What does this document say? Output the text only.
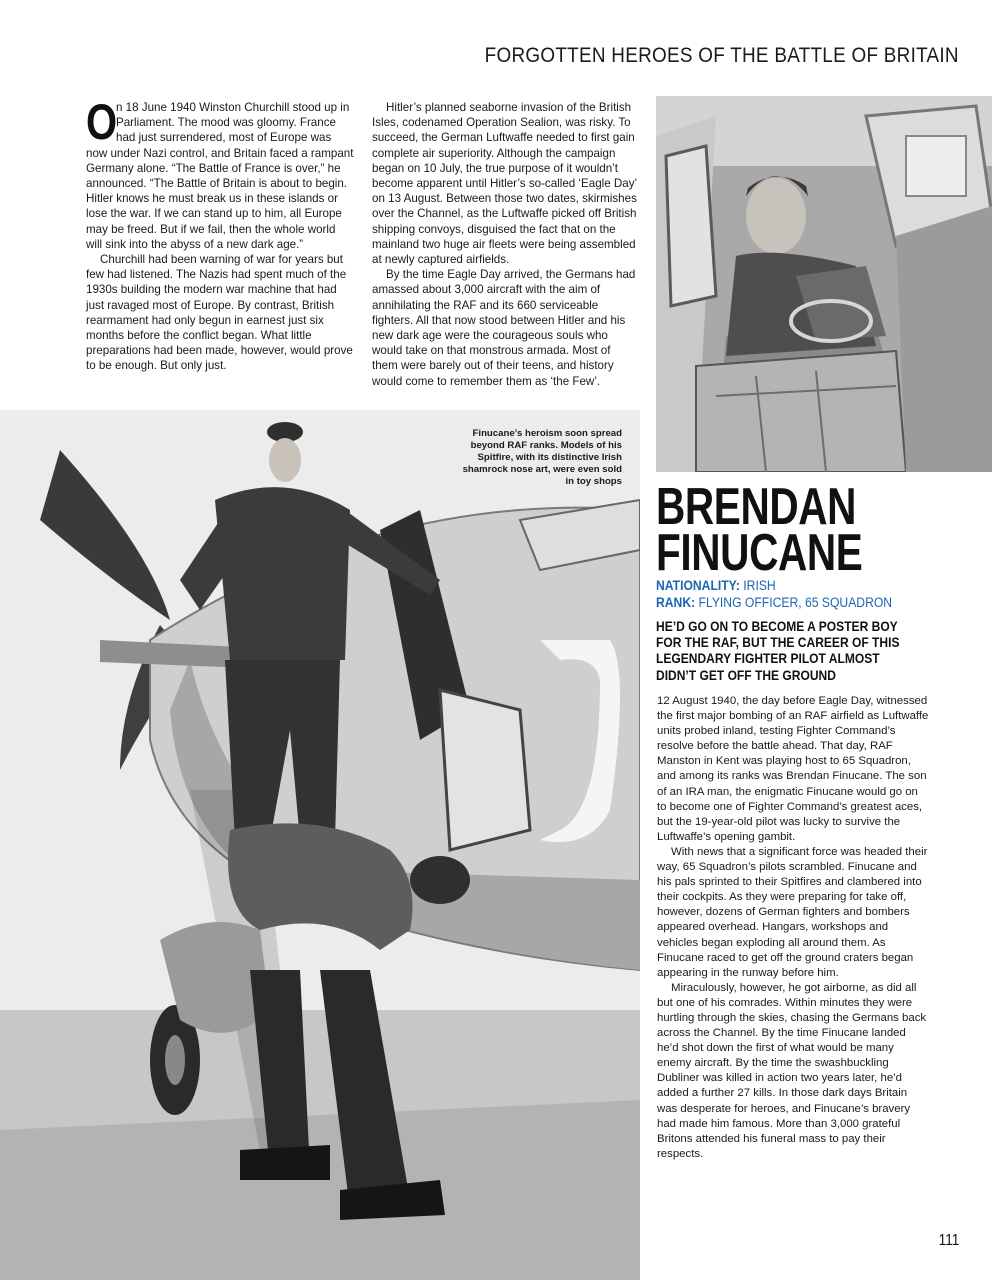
FORGOTTEN HEROES OF THE BATTLE OF BRITAIN
O

n 18 June 1940 Winston Churchill stood up in Parliament. The mood was gloomy. France had just surrendered, most of Europe was now under Nazi control, and Britain faced a rampant Germany alone. “The Battle of France is over,” he announced. “The Battle of Britain is about to begin. Hitler knows he must break us in these islands or lose the war. If we can stand up to him, all Europe may be freed. But if we fail, then the whole world will sink into the abyss of a new dark age.”

Churchill had been warning of war for years but few had listened. The Nazis had spent much of the 1930s building the modern war machine that had just ravaged most of Europe. By contrast, British rearmament had only begun in earnest just six months before the conflict began. What little preparations had been made, however, would prove to be enough. But only just.

Hitler’s planned seaborne invasion of the British Isles, codenamed Operation Sealion, was risky. To succeed, the German Luftwaffe needed to first gain complete air superiority. Although the campaign began on 10 July, the true purpose of it wouldn’t become apparent until Hitler’s so-called ‘Eagle Day’ on 13 August. Between those two dates, skirmishes over the Channel, as the Luftwaffe picked off British shipping convoys, disguised the fact that on the mainland two huge air fleets were being assembled at newly captured airfields.

By the time Eagle Day arrived, the Germans had amassed about 3,000 aircraft with the aim of annihilating the RAF and its 660 serviceable fighters. All that now stood between Hitler and his new dark age were the courageous souls who would take on that monstrous armada. Most of them were barely out of their teens, and history would come to remember them as ‘the Few’.

Finucane’s heroism soon spread beyond RAF ranks. Models of his Spitfire, with its distinctive Irish shamrock nose art, were even sold in toy shops BRENDAN
FINUCANE
NATIONALITY: IRISH
RANK: FLYING OFFICER, 65 SQUADRON
HE’D GO ON TO BECOME A POSTER BOY FOR THE RAF, BUT THE CAREER OF THIS LEGENDARY FIGHTER PILOT ALMOST DIDN’T GET OFF THE GROUND

12 August 1940, the day before Eagle Day, witnessed the first major bombing of an RAF airfield as Luftwaffe units probed inland, testing Fighter Command’s resolve before the battle ahead. That day, RAF Manston in Kent was playing host to 65 Squadron, and among its ranks was Brendan Finucane. The son of an IRA man, the enigmatic Finucane would go on to become one of Fighter Command’s greatest aces, but the 19-year-old pilot was lucky to survive the Luftwaffe’s opening gambit.

With news that a significant force was headed their way, 65 Squadron’s pilots scrambled. Finucane and his pals sprinted to their Spitfires and clambered into their cockpits. As they were preparing for take off, however, dozens of German fighters and bombers appeared overhead. Hangars, workshops and vehicles began exploding all around them. As Finucane raced to get off the ground craters began appearing in the runway before him.

Miraculously, however, he got airborne, as did all but one of his comrades. Within minutes they were hurtling through the skies, chasing the Germans back across the Channel. By the time Finucane landed he’d shot down the first of what would be many enemy aircraft. By the time the swashbuckling Dubliner was killed in action two years later, he’d added a further 27 kills. In those dark days Britain was desperate for heroes, and Finucane’s bravery had made him famous. More than 3,000 grateful Britons attended his funeral mass to pay their respects.

111
